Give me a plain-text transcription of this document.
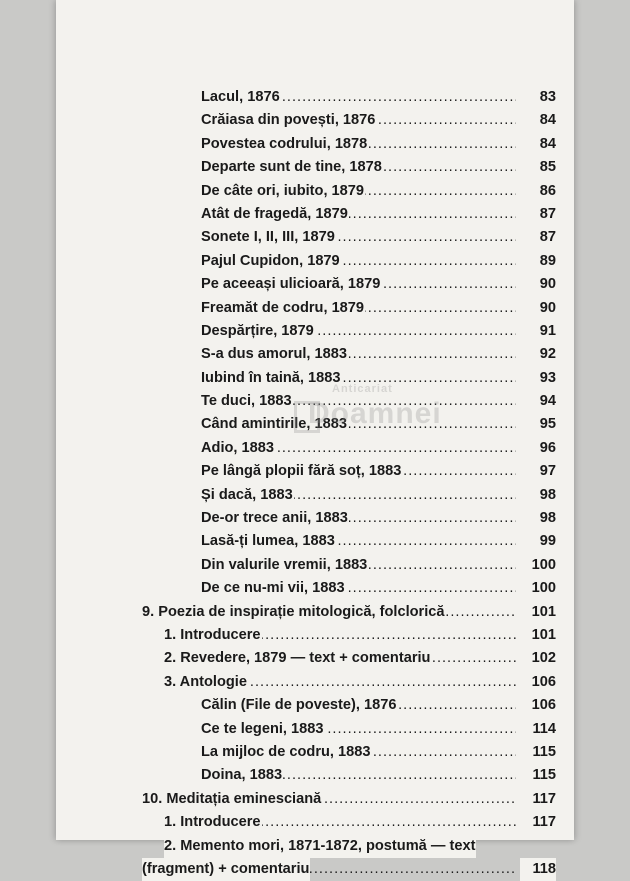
Lacul, 1876 .....	83
Crăiasa din povești, 1876 .....	84
Povestea codrului, 1878 .....	84
Departe sunt de tine, 1878 .....	85
De câte ori, iubito, 1879 .....	86
Atât de fragedă, 1879 .....	87
Sonete I, II, III, 1879 .....	87
Pajul Cupidon, 1879 .....	89
Pe aceeași ulicioară, 1879 .....	90
Freamăt de codru, 1879 .....	90
Despărțire, 1879 .....	91
S-a dus amorul, 1883 .....	92
Iubind în taină, 1883 .....	93
Te duci, 1883 .....	94
Când amintirile, 1883 .....	95
Adio, 1883 .....	96
Pe lângă plopii fără soț, 1883 .....	97
Și dacă, 1883 .....	98
De-or trece anii, 1883 .....	98
Lasă-ți lumea, 1883 .....	99
Din valurile vremii, 1883 .....	100
De ce nu-mi vii, 1883 .....	100
9. Poezia de inspirație mitologică, folclorică .....	101
1. Introducere .....	101
2. Revedere, 1879 — text + comentariu .....	102
3. Antologie .....	106
Călin (File de poveste), 1876 .....	106
Ce te legeni, 1883 .....	114
La mijloc de codru, 1883 .....	115
Doina, 1883 .....	115
10. Meditația eminesciană .....	117
1. Introducere .....	117
2. Memento mori, 1871-1872, postumă — text
(fragment) + comentariu .....	118
Anticariat
Doamnei
